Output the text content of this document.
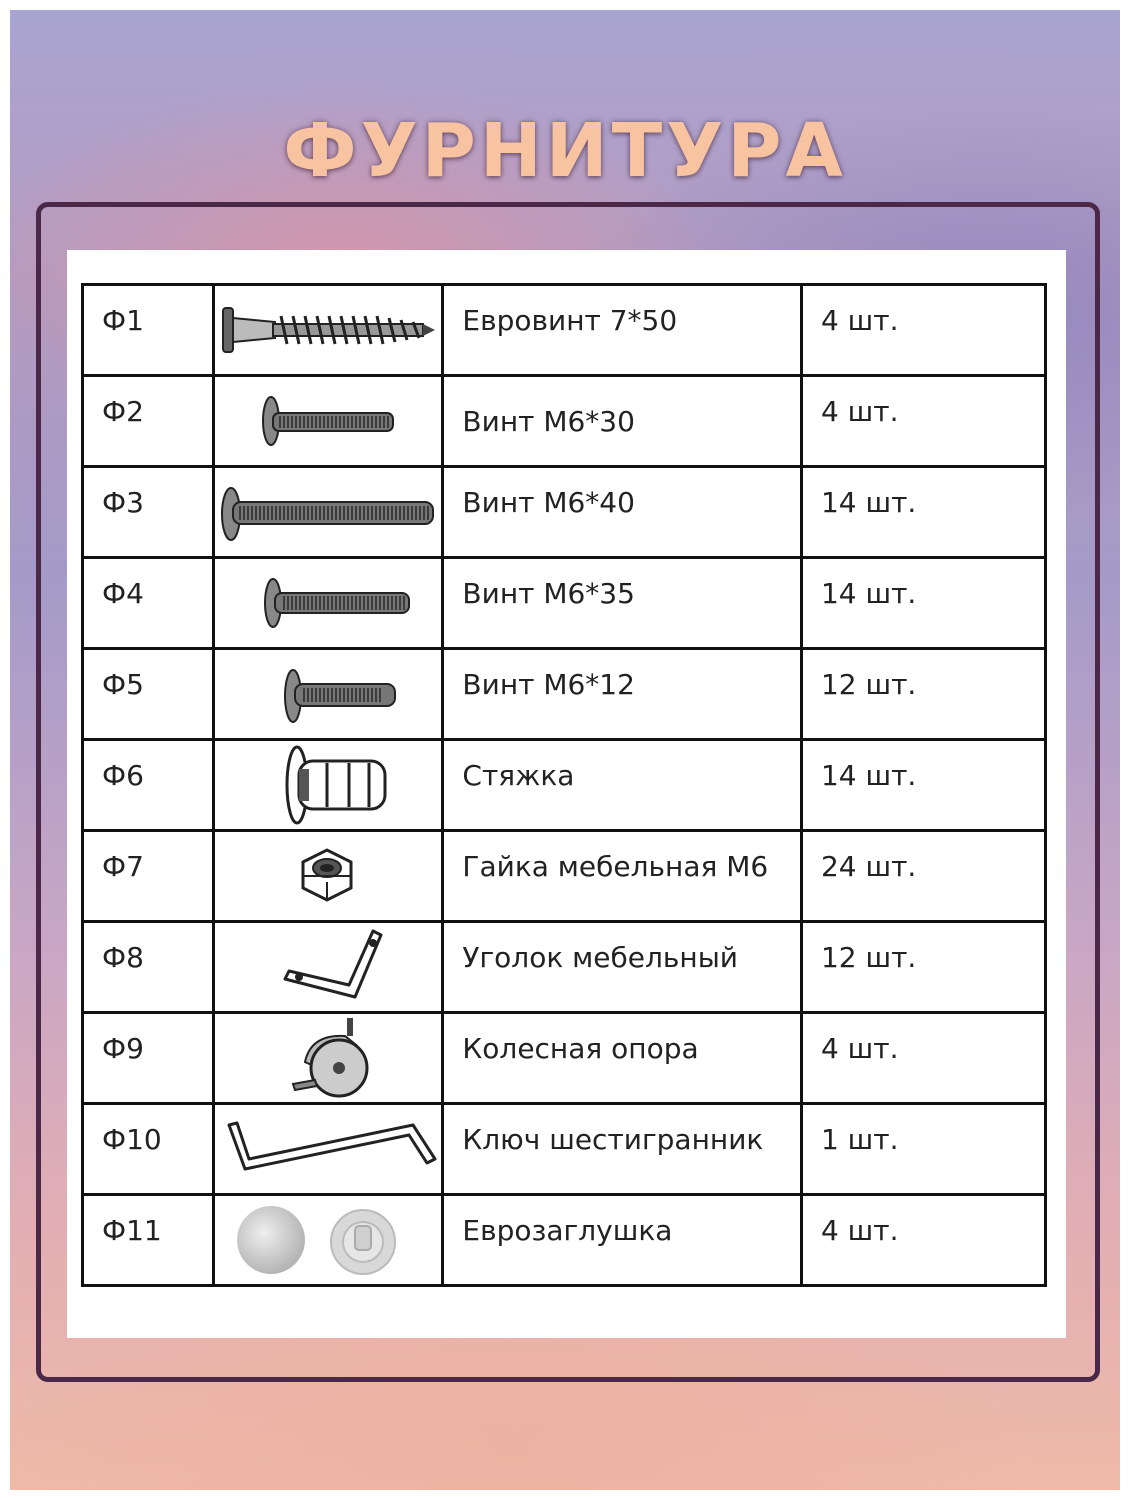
ФУРНИТУРА
Ф1		Евровинт 7*50	4 шт.
Ф2		Винт М6*30	4 шт.
Ф3		Винт М6*40	14 шт.
Ф4		Винт М6*35	14 шт.
Ф5		Винт М6*12	12 шт.
Ф6		Стяжка	14 шт.
Ф7		Гайка мебельная М6	24 шт.
Ф8		Уголок мебельный	12 шт.
Ф9		Колесная опора	4 шт.
Ф10		Ключ шестигранник	1 шт.
Ф11		Еврозаглушка	4 шт.
